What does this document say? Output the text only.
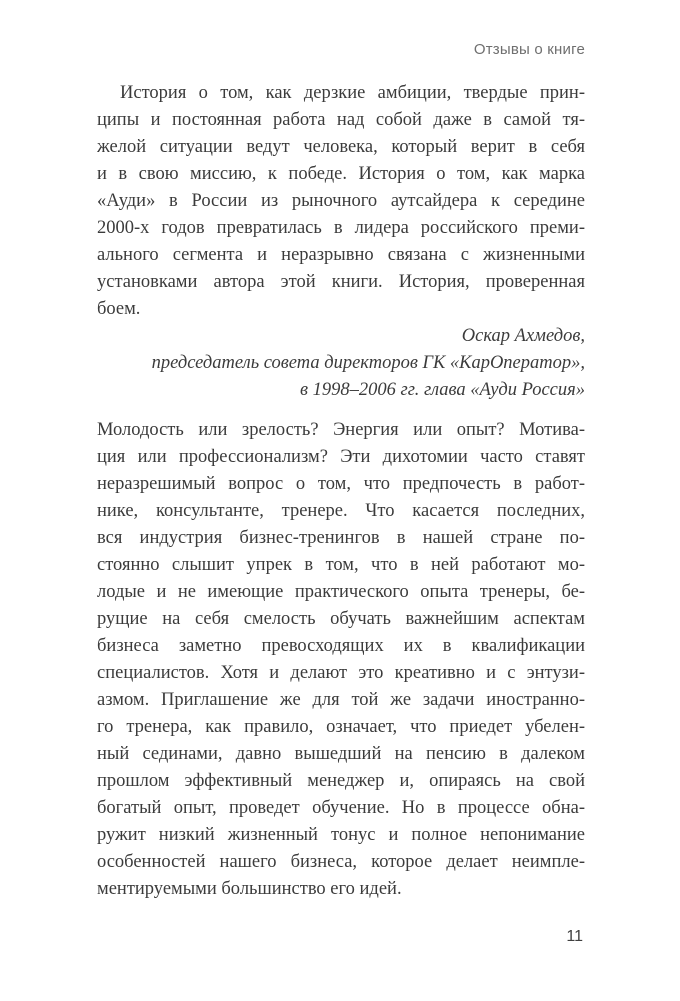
Отзывы о книге
История о том, как дерзкие амбиции, твердые прин-
ципы и постоянная работа над собой даже в самой тя-
желой ситуации ведут человека, который верит в себя
и в свою миссию, к победе. История о том, как марка
«Ауди» в России из рыночного аутсайдера к середине
2000-х годов превратилась в лидера российского преми-
ального сегмента и неразрывно связана с жизненными
установками автора этой книги. История, проверенная
боем.
Оскар Ахмедов,
председатель совета директоров ГК «КарОператор»,
в 1998–2006 гг. глава «Ауди Россия»
Молодость или зрелость? Энергия или опыт? Мотива-
ция или профессионализм? Эти дихотомии часто ставят
неразрешимый вопрос о том, что предпочесть в работ-
нике, консультанте, тренере. Что касается последних,
вся индустрия бизнес-тренингов в нашей стране по-
стоянно слышит упрек в том, что в ней работают мо-
лодые и не имеющие практического опыта тренеры, бе-
рущие на себя смелость обучать важнейшим аспектам
бизнеса заметно превосходящих их в квалификации
специалистов. Хотя и делают это креативно и с энтузи-
азмом. Приглашение же для той же задачи иностранно-
го тренера, как правило, означает, что приедет убелен-
ный сединами, давно вышедший на пенсию в далеком
прошлом эффективный менеджер и, опираясь на свой
богатый опыт, проведет обучение. Но в процессе обна-
ружит низкий жизненный тонус и полное непонимание
особенностей нашего бизнеса, которое делает неимпле-
ментируемыми большинство его идей.
11
